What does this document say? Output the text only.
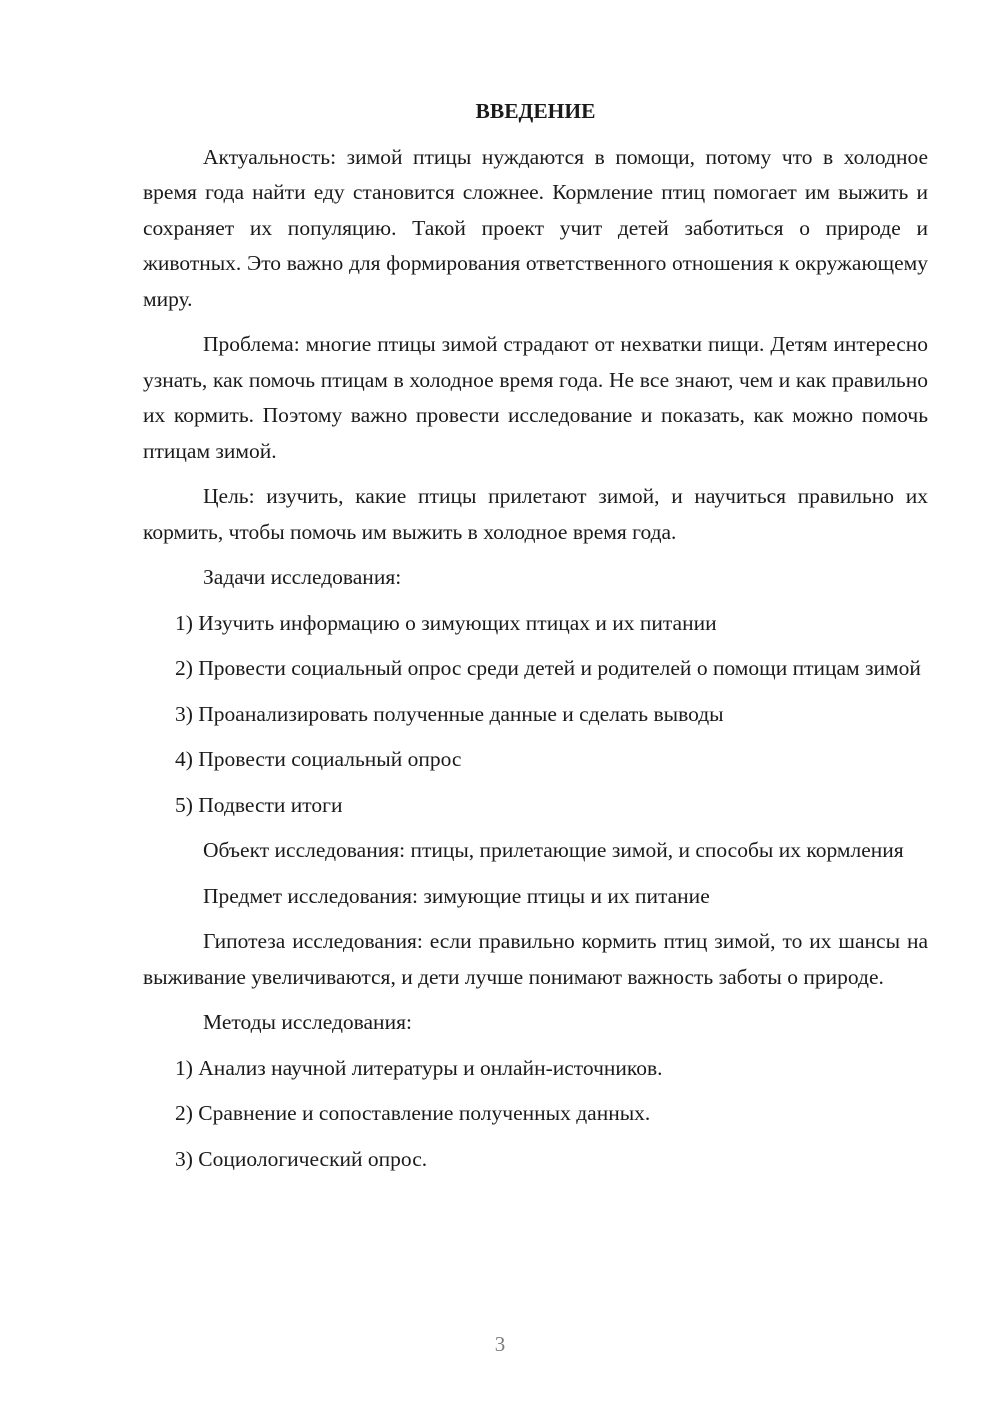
ВВЕДЕНИЕ

Актуальность: зимой птицы нуждаются в помощи, потому что в холодное время года найти еду становится сложнее. Кормление птиц помогает им выжить и сохраняет их популяцию. Такой проект учит детей заботиться о природе и животных. Это важно для формирования ответственного отношения к окружающему миру.

Проблема: многие птицы зимой страдают от нехватки пищи. Детям интересно узнать, как помочь птицам в холодное время года. Не все знают, чем и как правильно их кормить. Поэтому важно провести исследование и показать, как можно помочь птицам зимой.

Цель: изучить, какие птицы прилетают зимой, и научиться правильно их кормить, чтобы помочь им выжить в холодное время года.

Задачи исследования:

1) Изучить информацию о зимующих птицах и их питании

2) Провести социальный опрос среди детей и родителей о помощи птицам зимой

3) Проанализировать полученные данные и сделать выводы

4) Провести социальный опрос

5) Подвести итоги

Объект исследования: птицы, прилетающие зимой, и способы их кормления

Предмет исследования: зимующие птицы и их питание

Гипотеза исследования: если правильно кормить птиц зимой, то их шансы на выживание увеличиваются, и дети лучше понимают важность заботы о природе.

Методы исследования:

1) Анализ научной литературы и онлайн-источников.

2) Сравнение и сопоставление полученных данных.

3) Социологический опрос.

3
